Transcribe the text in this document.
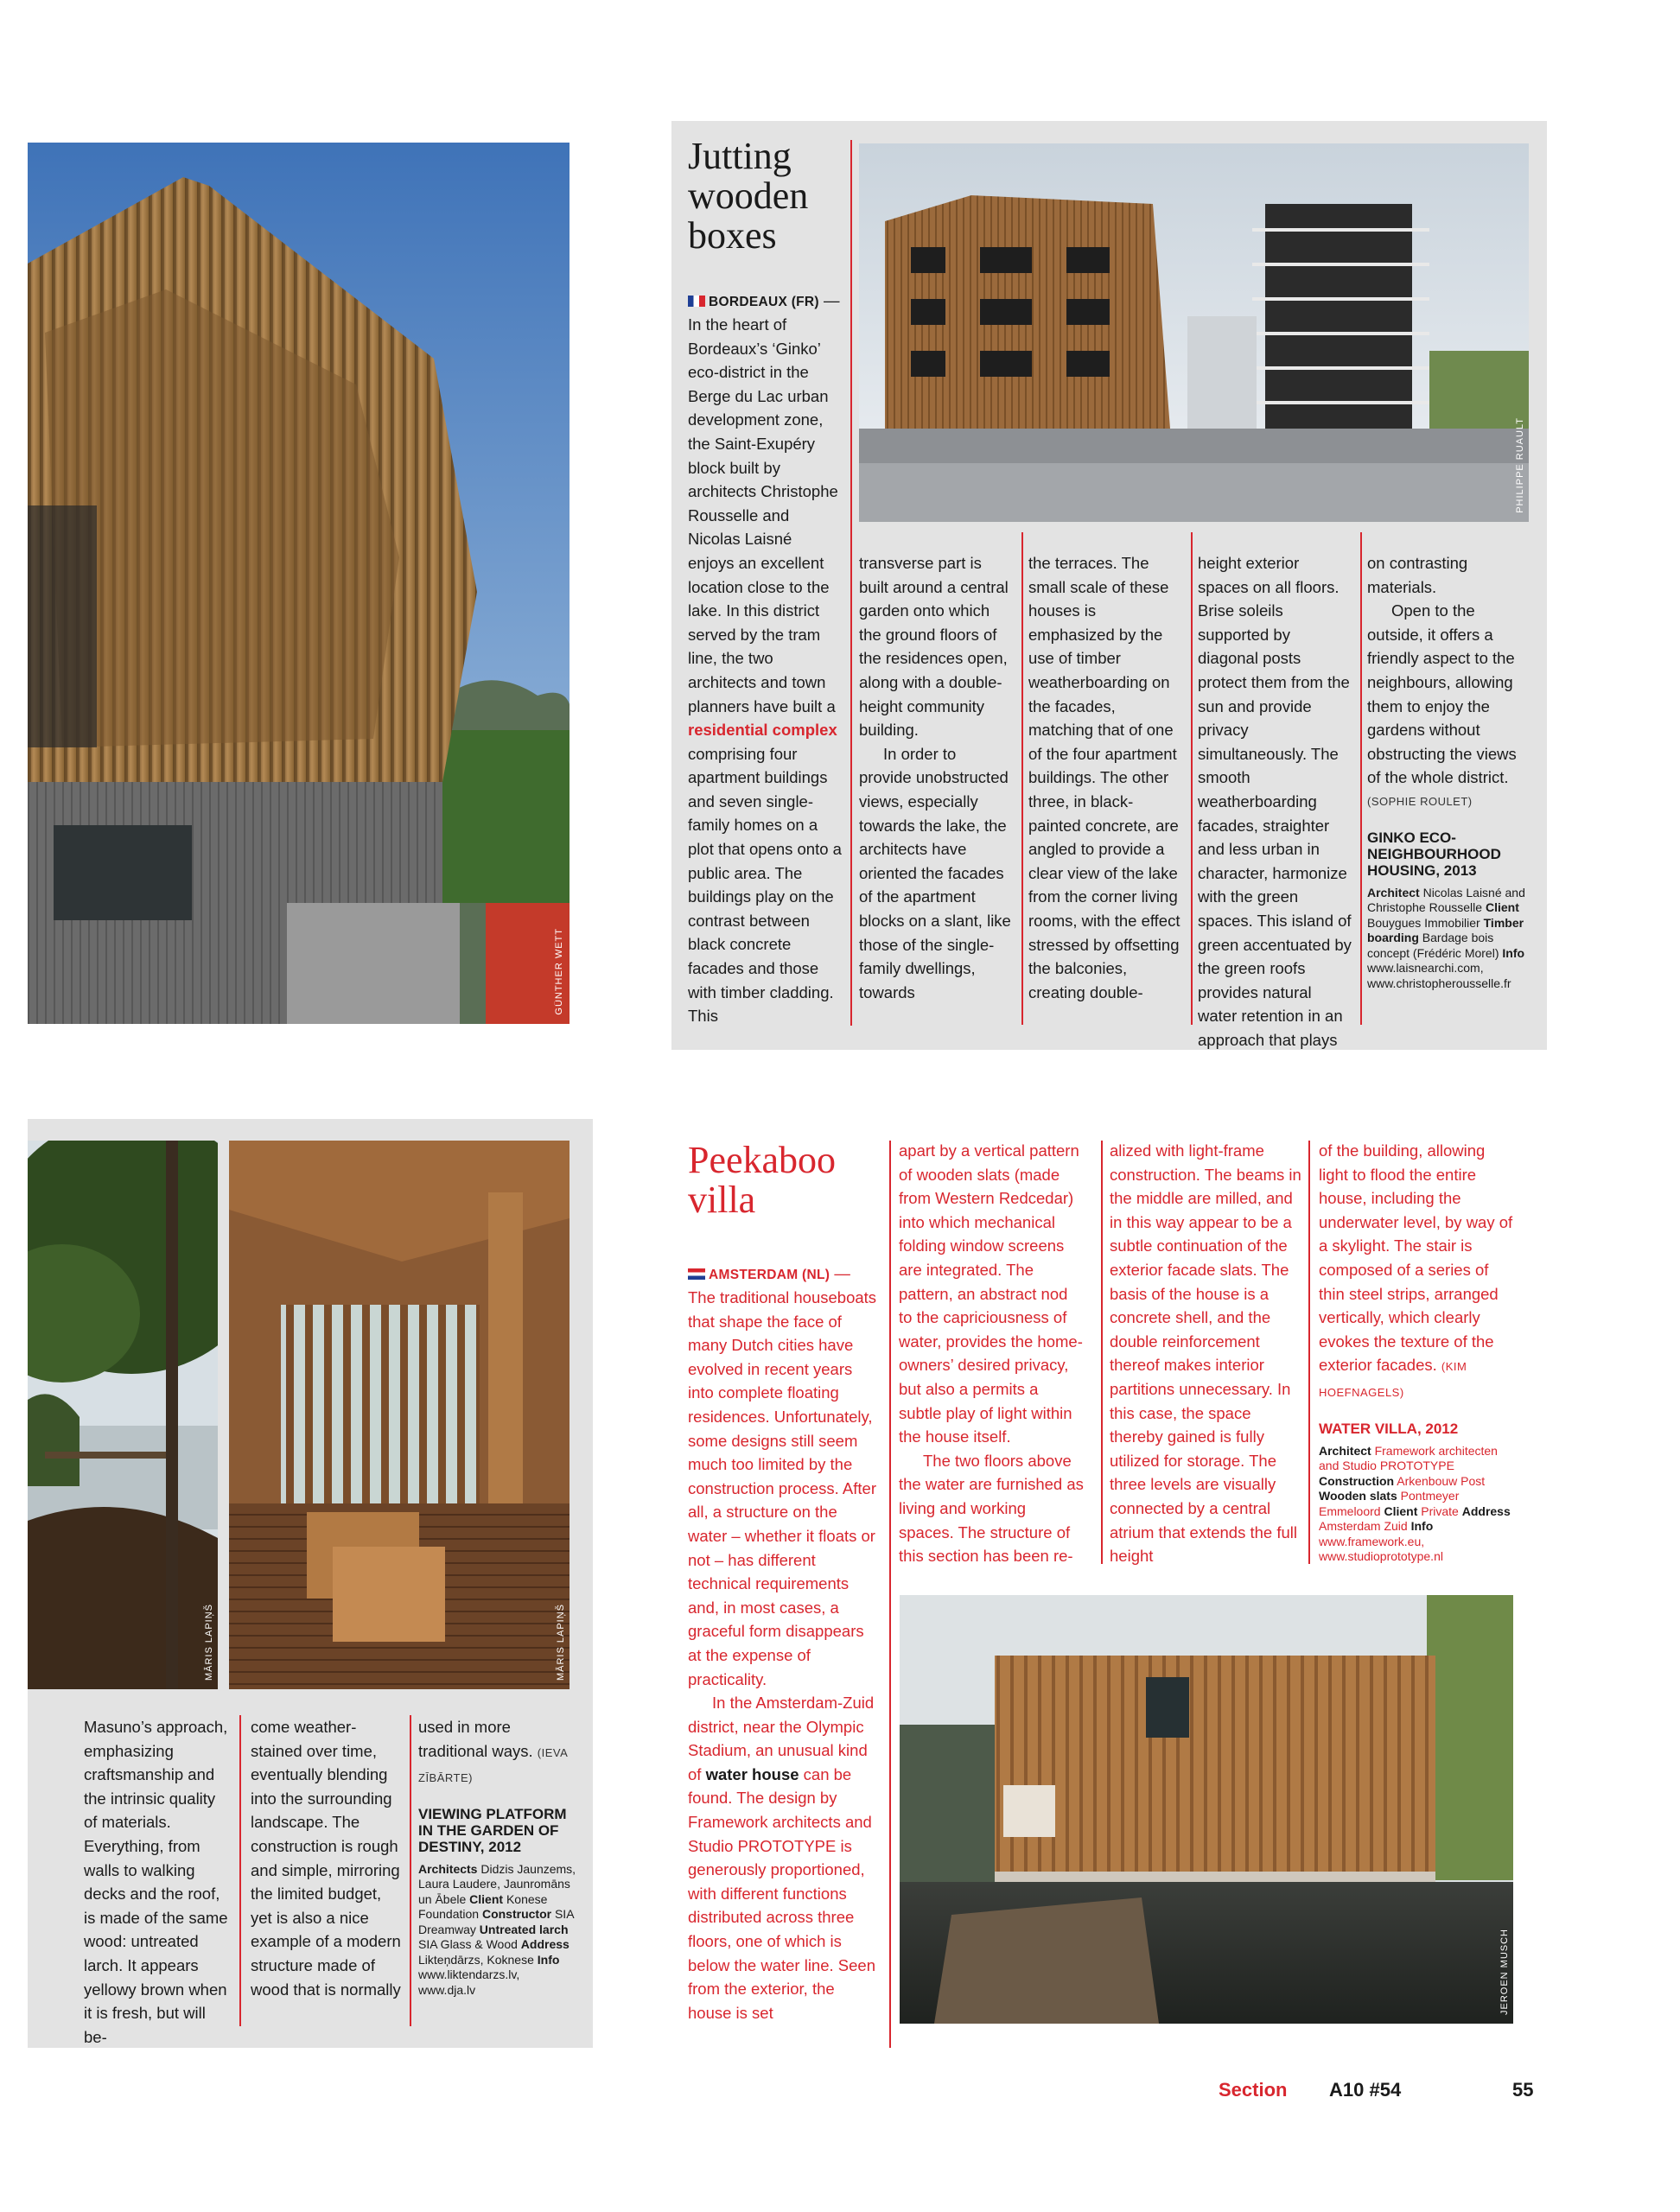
GÜNTHER WETT
Jutting
wooden
boxes
PHILIPPE RUAULT
BORDEAUX (FR) —

In the heart of Bordeaux’s ‘Ginko’ eco-district in the Berge du Lac urban development zone, the Saint-Exupéry block built by architects Christophe Rousselle and Nicolas Laisné enjoys an excellent location close to the lake. In this district served by the tram line, the two architects and town planners have built a residential complex comprising four apartment buildings and seven single-family homes on a plot that opens onto a public area. The buildings play on the contrast between black concrete facades and those with timber cladding. This

transverse part is built around a central garden onto which the ground floors of the residences open, along with a double-height community building.

In order to provide unobstructed views, especially towards the lake, the architects have oriented the facades of the apartment blocks on a slant, like those of the single-family dwellings, towards

the terraces. The small scale of these houses is emphasized by the use of timber weatherboarding on the facades, matching that of one of the four apartment buildings. The other three, in black-painted concrete, are angled to provide a clear view of the lake from the corner living rooms, with the effect stressed by offsetting the balconies, creating double-

height exterior spaces on all floors. Brise soleils supported by diagonal posts protect them from the sun and provide privacy simultaneously. The smooth weatherboarding facades, straighter and less urban in character, harmonize with the green spaces. This island of green accentuated by the green roofs provides natural water retention in an approach that plays

on contrasting materials.

Open to the outside, it offers a friendly aspect to the neighbours, allowing them to enjoy the gardens without obstructing the views of the whole district.

(SOPHIE ROULET)
GINKO ECO-NEIGHBOURHOOD HOUSING, 2013
Architect Nicolas Laisné and Christophe Rousselle Client Bouygues Immobilier Timber boarding Bardage bois concept (Frédéric Morel) Info www.laisnearchi.com, www.christopherousselle.fr
MĀRIS LAPIŅŠ	MĀRIS LAPIŅŠ

Masuno’s approach, emphasizing craftsmanship and the intrinsic quality of materials. Everything, from walls to walking decks and the roof, is made of the same wood: untreated larch. It appears yellowy brown when it is fresh, but will be-

come weather-stained over time, eventually blending into the surrounding landscape. The construction is rough and simple, mirroring the limited budget, yet is also a nice example of a modern structure made of wood that is normally

used in more traditional ways. (IEVA ZĪBĀRTE)

VIEWING PLATFORM IN THE GARDEN OF DESTINY, 2012
Architects Didzis Jaunzems, Laura Laudere, Jaunromāns un Ābele Client Konese Foundation Constructor SIA Dreamway Untreated larch SIA Glass & Wood Address Likteņdārzs, Koknese Info www.liktendarzs.lv, www.dja.lv
Peekaboo
villa
AMSTERDAM (NL) —

The traditional houseboats that shape the face of many Dutch cities have evolved in recent years into complete floating residences. Unfortunately, some designs still seem much too limited by the construction process. After all, a structure on the water – whether it floats or not – has different technical requirements and, in most cases, a graceful form disappears at the expense of practicality.

In the Amsterdam-Zuid district, near the Olympic Stadium, an unusual kind of water house can be found. The design by Framework architects and Studio PROTOTYPE is generously proportioned, with different functions distributed across three floors, one of which is below the water line. Seen from the exterior, the house is set

apart by a vertical pattern of wooden slats (made from Western Redcedar) into which mechanical folding window screens are integrated. The pattern, an abstract nod to the capriciousness of water, provides the home-owners’ desired privacy, but also a permits a subtle play of light within the house itself.

The two floors above the water are furnished as living and working spaces. The structure of this section has been re-

alized with light-frame construction. The beams in the middle are milled, and in this way appear to be a subtle continuation of the exterior facade slats. The basis of the house is a concrete shell, and the double reinforcement thereof makes interior partitions unnecessary. In this case, the space thereby gained is fully utilized for storage. The three levels are visually connected by a central atrium that extends the full height

of the building, allowing light to flood the entire house, including the underwater level, by way of a skylight. The stair is composed of a series of thin steel strips, arranged vertically, which clearly evokes the texture of the exterior facades. (KIM HOEFNAGELS)

WATER VILLA, 2012
Architect Framework architecten and Studio PROTOTYPE Construction Arkenbouw Post Wooden slats Pontmeyer Emmeloord Client Private Address Amsterdam Zuid Info www.framework.eu, www.studioprototype.nl
JEROEN MUSCH
Section A10 #54	55
